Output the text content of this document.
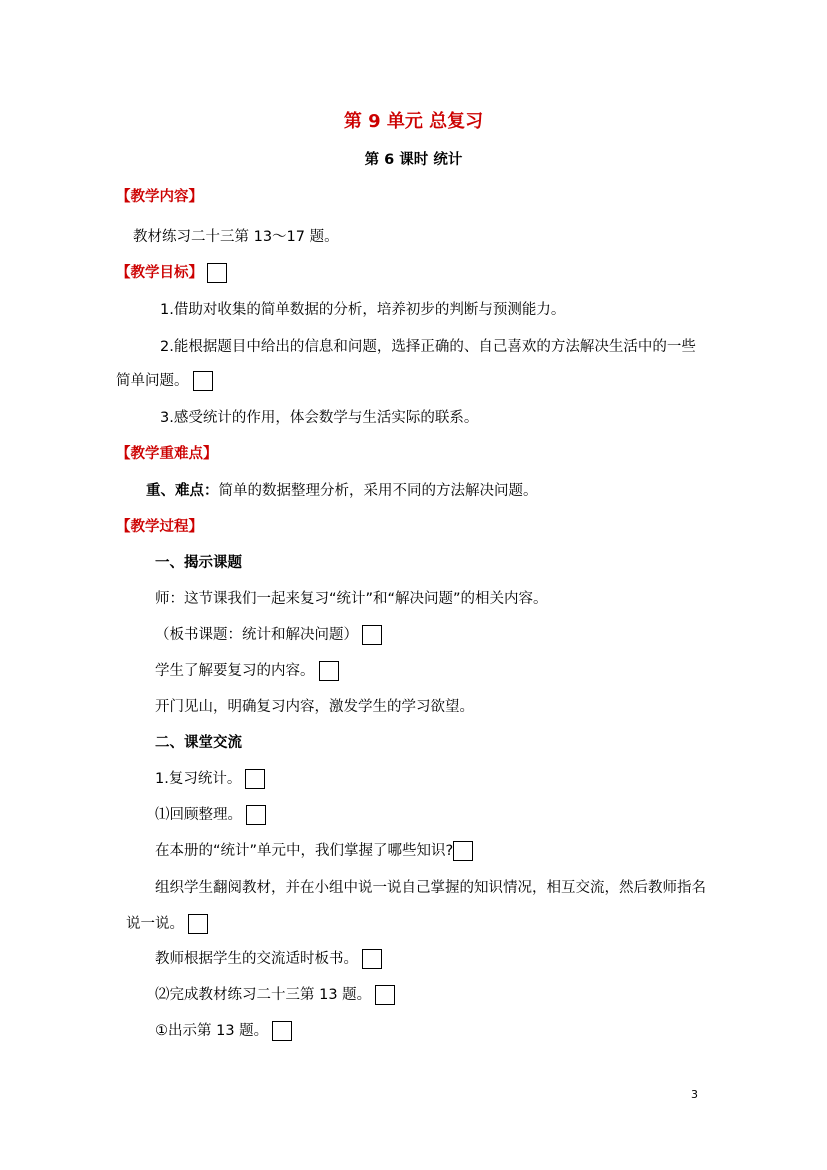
第 9 单元 总复习
第 6 课时 统计
【教学内容】
教材练习二十三第 13～17 题。
【教学目标】
1.借助对收集的简单数据的分析，培养初步的判断与预测能力。
2.能根据题目中给出的信息和问题，选择正确的、自己喜欢的方法解决生活中的一些
简单问题。
3.感受统计的作用，体会数学与生活实际的联系。
【教学重难点】
重、难点：简单的数据整理分析，采用不同的方法解决问题。
【教学过程】
一、揭示课题
师：这节课我们一起来复习“统计”和“解决问题”的相关内容。
（板书课题：统计和解决问题）
学生了解要复习的内容。
开门见山，明确复习内容，激发学生的学习欲望。
二、课堂交流
1.复习统计。
⑴回顾整理。
在本册的“统计”单元中，我们掌握了哪些知识?
组织学生翻阅教材，并在小组中说一说自己掌握的知识情况，相互交流，然后教师指名
说一说。
教师根据学生的交流适时板书。
⑵完成教材练习二十三第 13 题。
①出示第 13 题。
3
